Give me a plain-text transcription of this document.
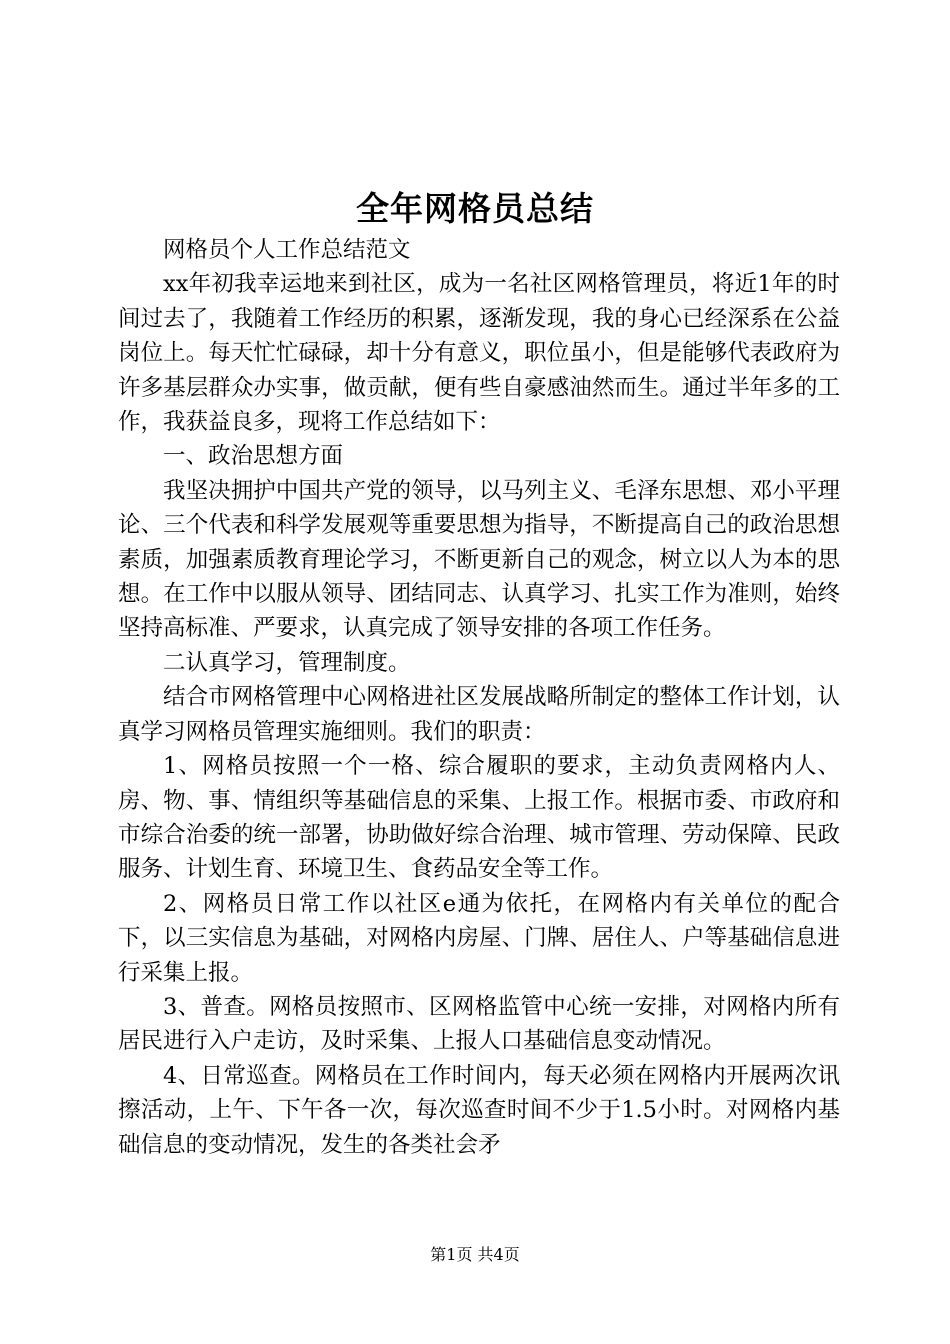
全年网格员总结

网格员个人工作总结范文

xx年初我幸运地来到社区，成为一名社区网格管理员，将近1年的时间过去了，我随着工作经历的积累，逐渐发现，我的身心已经深系在公益岗位上。每天忙忙碌碌，却十分有意义，职位虽小，但是能够代表政府为许多基层群众办实事，做贡献，便有些自豪感油然而生。通过半年多的工作，我获益良多，现将工作总结如下：

一、政治思想方面

我坚决拥护中国共产党的领导，以马列主义、毛泽东思想、邓小平理论、三个代表和科学发展观等重要思想为指导，不断提高自己的政治思想素质，加强素质教育理论学习，不断更新自己的观念，树立以人为本的思想。在工作中以服从领导、团结同志、认真学习、扎实工作为准则，始终坚持高标准、严要求，认真完成了领导安排的各项工作任务。

二认真学习，管理制度。

结合市网格管理中心网格进社区发展战略所制定的整体工作计划，认真学习网格员管理实施细则。我们的职责：

1、网格员按照一个一格、综合履职的要求，主动负责网格内人、房、物、事、情组织等基础信息的采集、上报工作。根据市委、市政府和市综合治委的统一部署，协助做好综合治理、城市管理、劳动保障、民政服务、计划生育、环境卫生、食药品安全等工作。

2、网格员日常工作以社区e通为依托，在网格内有关单位的配合下，以三实信息为基础，对网格内房屋、门牌、居住人、户等基础信息进行采集上报。

3、普查。网格员按照市、区网格监管中心统一安排，对网格内所有居民进行入户走访，及时采集、上报人口基础信息变动情况。

4、日常巡查。网格员在工作时间内，每天必须在网格内开展两次讯擦活动，上午、下午各一次，每次巡查时间不少于1.5小时。对网格内基础信息的变动情况，发生的各类社会矛

第1页 共4页
